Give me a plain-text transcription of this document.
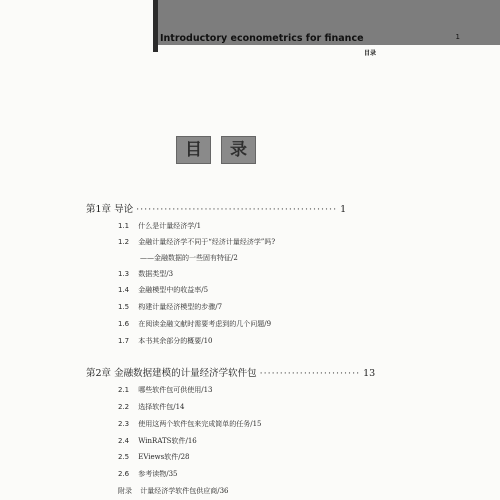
Introductory econometrics for finance	1
目录
目	录
第1章 导论 ·················································· 1
1.1 什么是计量经济学/1
1.2 金融计量经济学不同于“经济计量经济学”吗?
——金融数据的一些固有特征/2
1.3 数据类型/3
1.4 金融模型中的收益率/5
1.5 构建计量经济模型的步骤/7
1.6 在阅读金融文献时需要考虑到的几个问题/9
1.7 本书其余部分的概要/10
第2章 金融数据建模的计量经济学软件包 ························· 13
2.1 哪些软件包可供使用/13
2.2 选择软件包/14
2.3 使用这两个软件包来完成简单的任务/15
2.4 WinRATS软件/16
2.5 EViews软件/28
2.6 参考读物/35
附录 计量经济学软件包供应商/36
